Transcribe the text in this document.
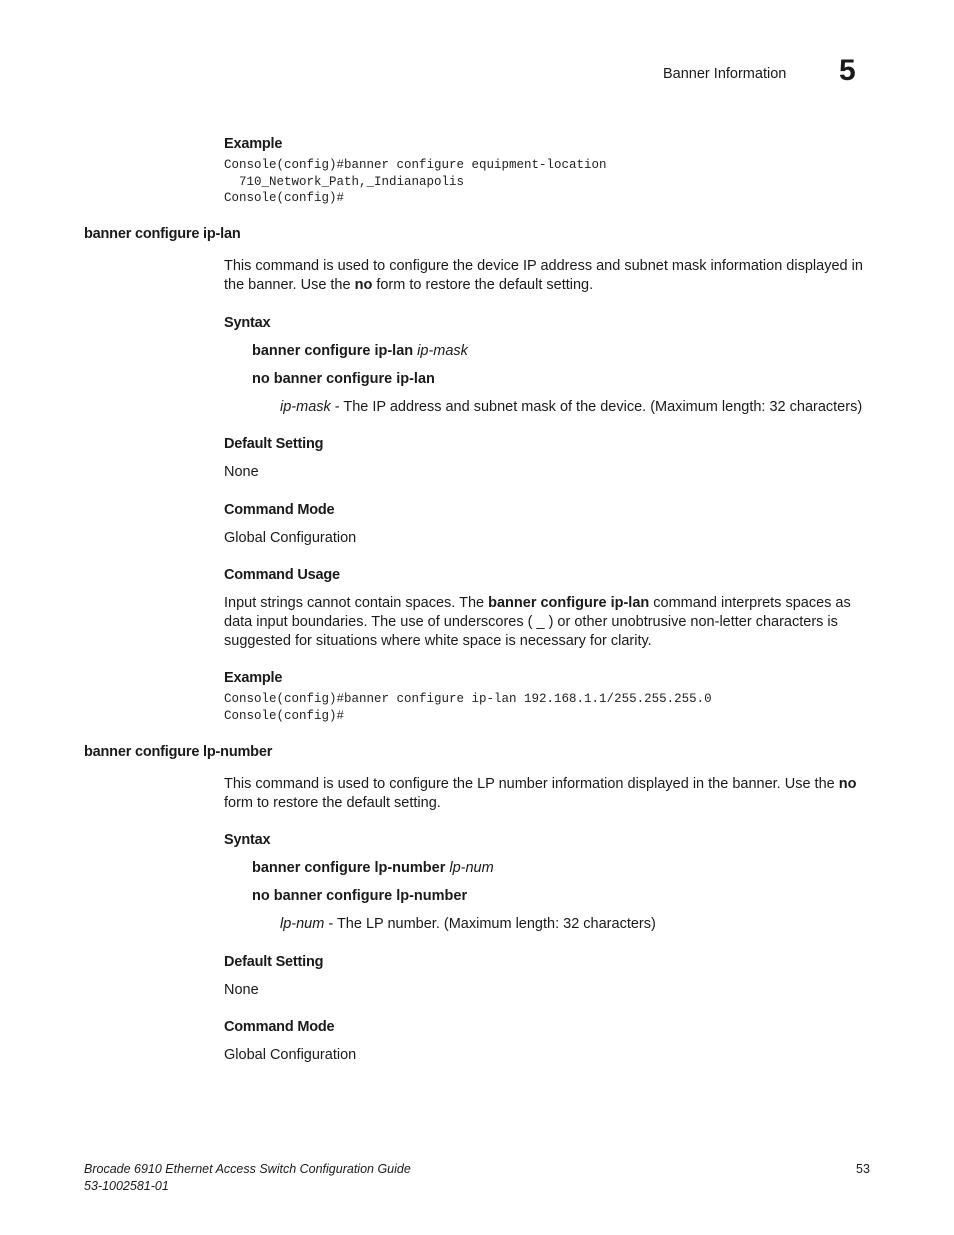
Banner Information 5
Example
Console(config)#banner configure equipment-location
710_Network_Path,_Indianapolis
Console(config)#
banner configure ip-lan
This command is used to configure the device IP address and subnet mask information displayed in the banner. Use the no form to restore the default setting.
Syntax
banner configure ip-lan ip-mask
no banner configure ip-lan
ip-mask - The IP address and subnet mask of the device. (Maximum length: 32 characters)
Default Setting
None
Command Mode
Global Configuration
Command Usage
Input strings cannot contain spaces. The banner configure ip-lan command interprets spaces as data input boundaries. The use of underscores ( _ ) or other unobtrusive non-letter characters is suggested for situations where white space is necessary for clarity.
Example
Console(config)#banner configure ip-lan 192.168.1.1/255.255.255.0
Console(config)#
banner configure lp-number
This command is used to configure the LP number information displayed in the banner. Use the no form to restore the default setting.
Syntax
banner configure lp-number lp-num
no banner configure lp-number
lp-num - The LP number. (Maximum length: 32 characters)
Default Setting
None
Command Mode
Global Configuration
Brocade 6910 Ethernet Access Switch Configuration Guide
53-1002581-01
53
